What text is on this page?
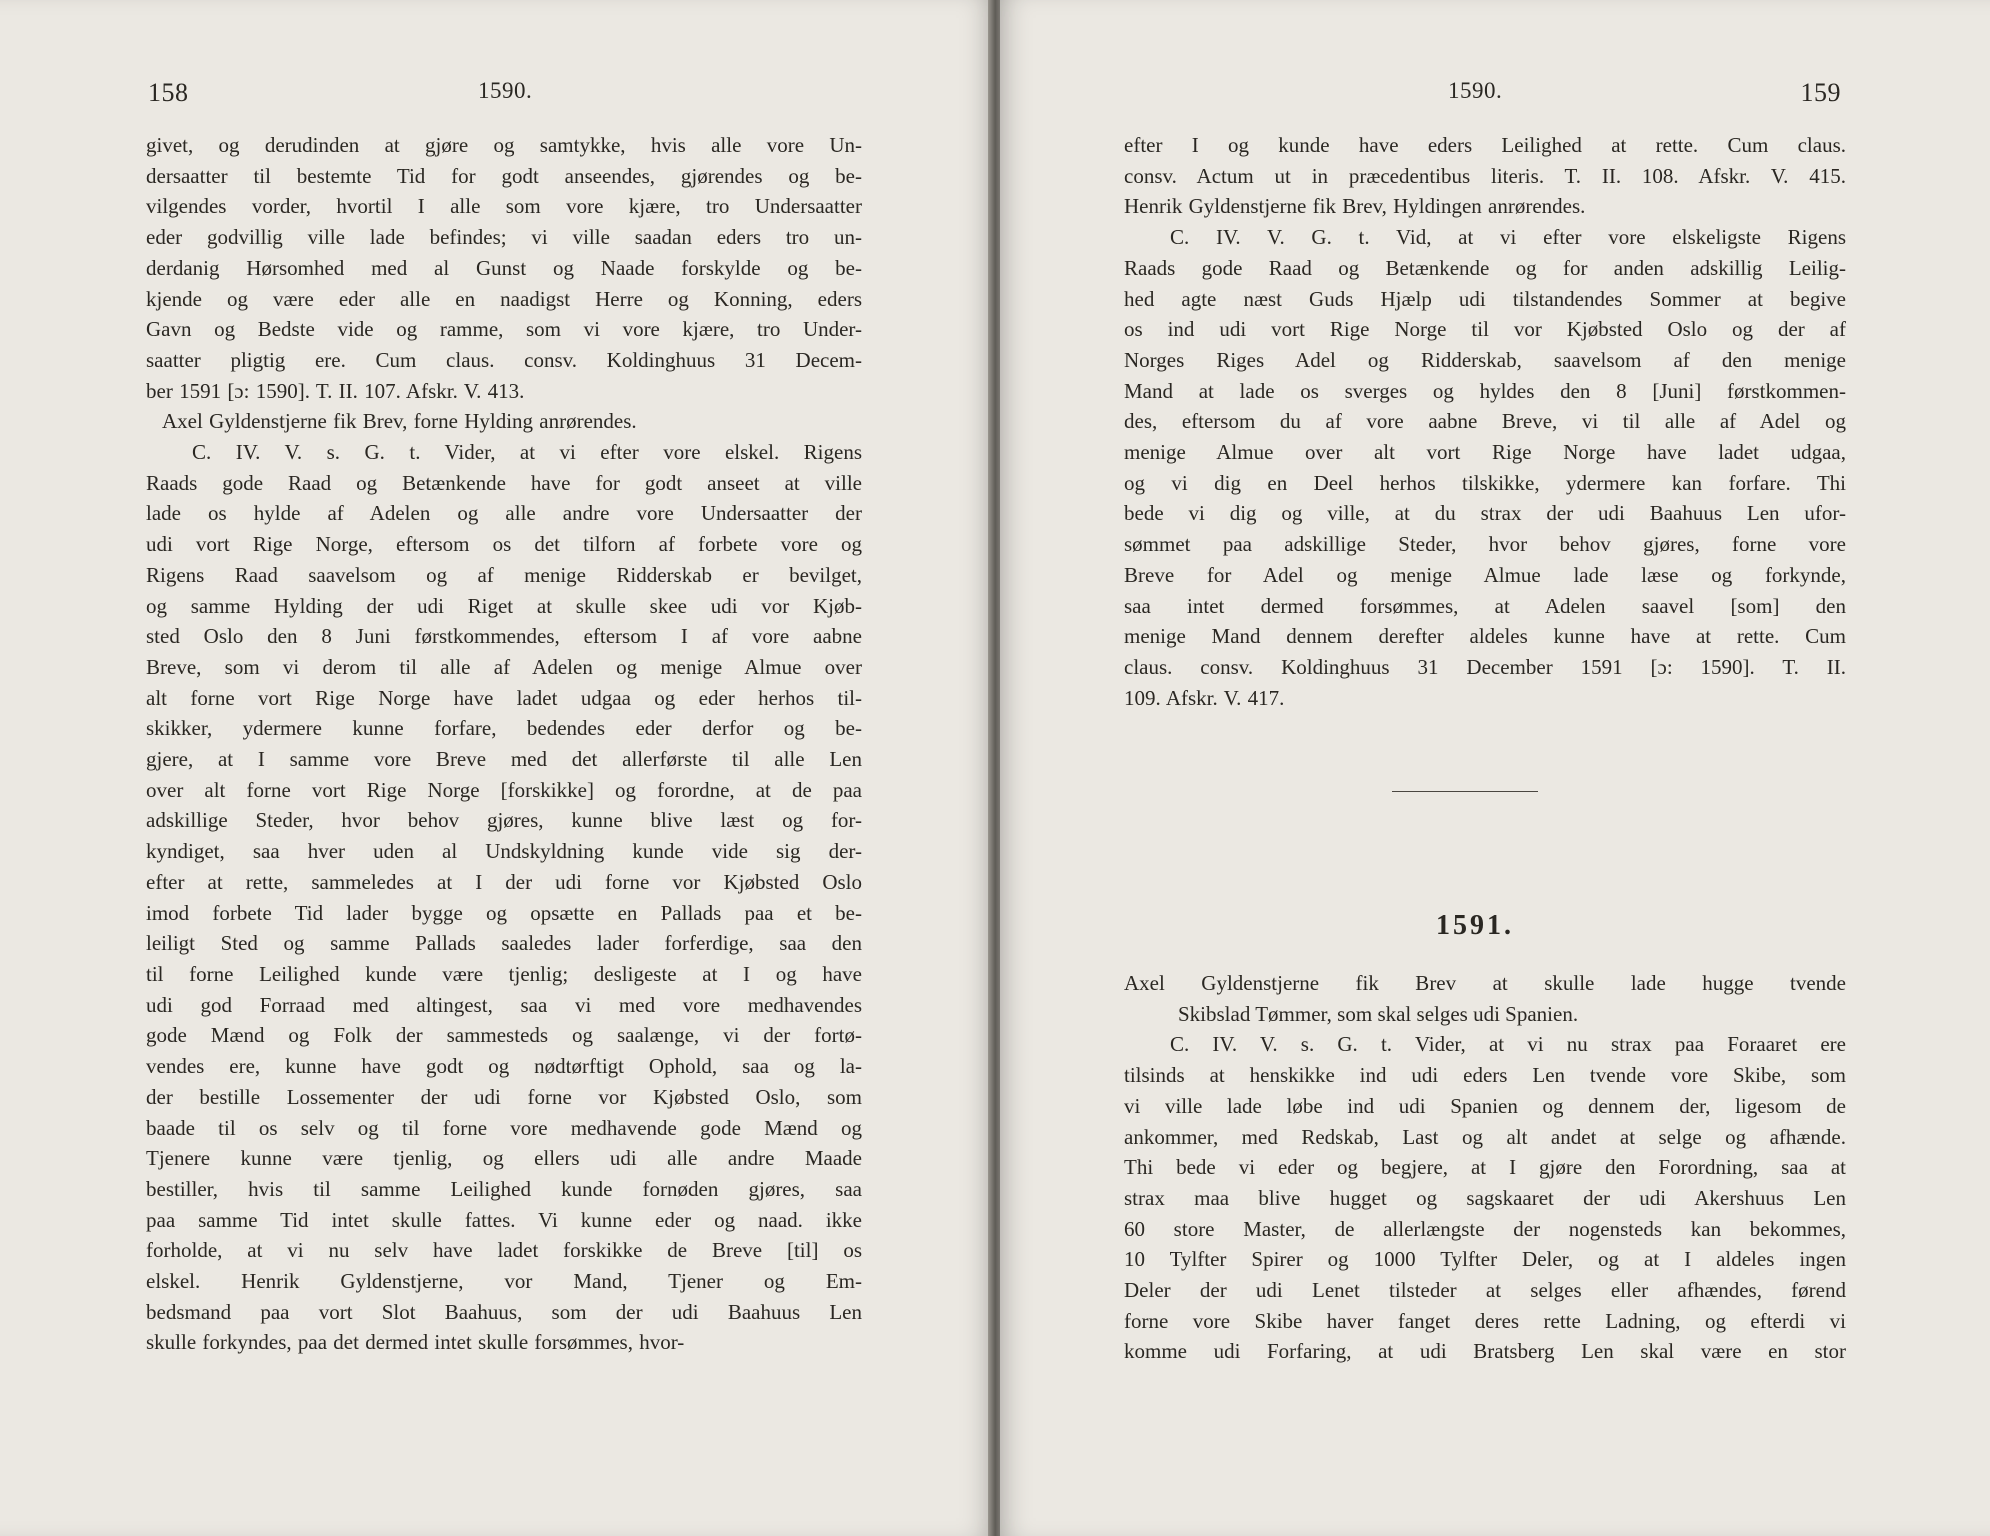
158	1590.
givet, og derudinden at gjøre og samtykke, hvis alle vore Un-
dersaatter til bestemte Tid for godt anseendes, gjørendes og be-
vilgendes vorder, hvortil I alle som vore kjære, tro Undersaatter
eder godvillig ville lade befindes; vi ville saadan eders tro un-
derdanig Hørsomhed med al Gunst og Naade forskylde og be-
kjende og være eder alle en naadigst Herre og Konning, eders
Gavn og Bedste vide og ramme, som vi vore kjære, tro Under-
saatter pligtig ere. Cum claus. consv. Koldinghuus 31 Decem-
ber 1591 [ɔ: 1590]. T. II. 107. Afskr. V. 413.
Axel Gyldenstjerne fik Brev, forne Hylding anrørendes.
C. IV. V. s. G. t. Vider, at vi efter vore elskel. Rigens
Raads gode Raad og Betænkende have for godt anseet at ville
lade os hylde af Adelen og alle andre vore Undersaatter der
udi vort Rige Norge, eftersom os det tilforn af forbete vore og
Rigens Raad saavelsom og af menige Ridderskab er bevilget,
og samme Hylding der udi Riget at skulle skee udi vor Kjøb-
sted Oslo den 8 Juni førstkommendes, eftersom I af vore aabne
Breve, som vi derom til alle af Adelen og menige Almue over
alt forne vort Rige Norge have ladet udgaa og eder herhos til-
skikker, ydermere kunne forfare, bedendes eder derfor og be-
gjere, at I samme vore Breve med det allerførste til alle Len
over alt forne vort Rige Norge [forskikke] og forordne, at de paa
adskillige Steder, hvor behov gjøres, kunne blive læst og for-
kyndiget, saa hver uden al Undskyldning kunde vide sig der-
efter at rette, sammeledes at I der udi forne vor Kjøbsted Oslo
imod forbete Tid lader bygge og opsætte en Pallads paa et be-
leiligt Sted og samme Pallads saaledes lader forferdige, saa den
til forne Leilighed kunde være tjenlig; desligeste at I og have
udi god Forraad med altingest, saa vi med vore medhavendes
gode Mænd og Folk der sammesteds og saalænge, vi der fortø-
vendes ere, kunne have godt og nødtørftigt Ophold, saa og la-
der bestille Lossementer der udi forne vor Kjøbsted Oslo, som
baade til os selv og til forne vore medhavende gode Mænd og
Tjenere kunne være tjenlig, og ellers udi alle andre Maade
bestiller, hvis til samme Leilighed kunde fornøden gjøres, saa
paa samme Tid intet skulle fattes. Vi kunne eder og naad. ikke
forholde, at vi nu selv have ladet forskikke de Breve [til] os
elskel. Henrik Gyldenstjerne, vor Mand, Tjener og Em-
bedsmand paa vort Slot Baahuus, som der udi Baahuus Len
skulle forkyndes, paa det dermed intet skulle forsømmes, hvor-
1590.	159
efter I og kunde have eders Leilighed at rette. Cum claus.
consv. Actum ut in præcedentibus literis. T. II. 108. Afskr. V. 415.
Henrik Gyldenstjerne fik Brev, Hyldingen anrørendes.
C. IV. V. G. t. Vid, at vi efter vore elskeligste Rigens
Raads gode Raad og Betænkende og for anden adskillig Leilig-
hed agte næst Guds Hjælp udi tilstandendes Sommer at begive
os ind udi vort Rige Norge til vor Kjøbsted Oslo og der af
Norges Riges Adel og Ridderskab, saavelsom af den menige
Mand at lade os sverges og hyldes den 8 [Juni] førstkommen-
des, eftersom du af vore aabne Breve, vi til alle af Adel og
menige Almue over alt vort Rige Norge have ladet udgaa,
og vi dig en Deel herhos tilskikke, ydermere kan forfare. Thi
bede vi dig og ville, at du strax der udi Baahuus Len ufor-
sømmet paa adskillige Steder, hvor behov gjøres, forne vore
Breve for Adel og menige Almue lade læse og forkynde,
saa intet dermed forsømmes, at Adelen saavel [som] den
menige Mand dennem derefter aldeles kunne have at rette. Cum
claus. consv. Koldinghuus 31 December 1591 [ɔ: 1590]. T. II.
109. Afskr. V. 417.
1591.
Axel Gyldenstjerne fik Brev at skulle lade hugge tvende
Skibslad Tømmer, som skal selges udi Spanien.
C. IV. V. s. G. t. Vider, at vi nu strax paa Foraaret ere
tilsinds at henskikke ind udi eders Len tvende vore Skibe, som
vi ville lade løbe ind udi Spanien og dennem der, ligesom de
ankommer, med Redskab, Last og alt andet at selge og afhænde.
Thi bede vi eder og begjere, at I gjøre den Forordning, saa at
strax maa blive hugget og sagskaaret der udi Akershuus Len
60 store Master, de allerlængste der nogensteds kan bekommes,
10 Tylfter Spirer og 1000 Tylfter Deler, og at I aldeles ingen
Deler der udi Lenet tilsteder at selges eller afhændes, førend
forne vore Skibe haver fanget deres rette Ladning, og efterdi vi
komme udi Forfaring, at udi Bratsberg Len skal være en stor
